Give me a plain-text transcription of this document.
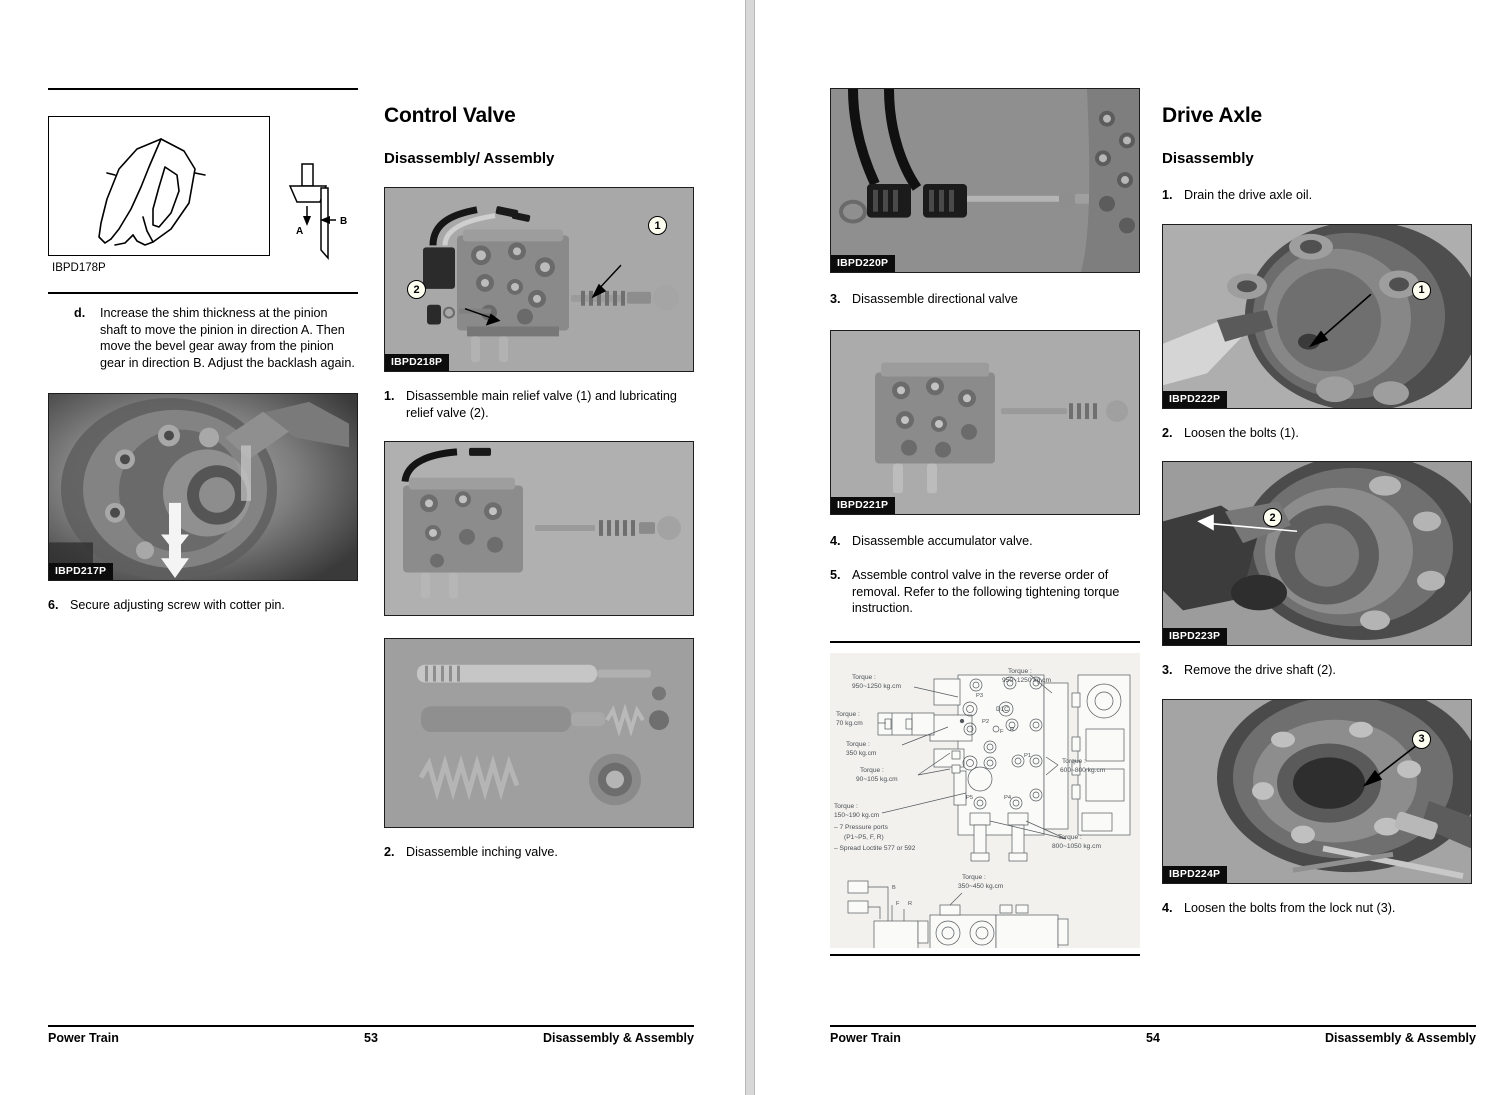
A
B
IBPD178P
d.	Increase the shim thickness at the pinion shaft to move the pinion in direction A. Then move the bevel gear away from the pinion gear in direction B. Adjust the backlash again.
IBPD217P
6. Secure adjusting screw with cotter pin.
Control Valve
Disassembly/ Assembly
1
2
IBPD218P
1. Disassemble main relief valve (1) and lubricating relief valve (2).
2. Disassemble inching valve.
Power Train	53	Disassembly & Assembly
IBPD220P
3. Disassemble directional valve
IBPD221P
4. Disassemble accumulator valve.
5. Assemble control valve in the reverse order of removal. Refer to the following tightening torque instruction.
Torque :
950~1250 kg.cm
Torque :
70 kg.cm
Torque :
350 kg.cm
Torque :
90~105 kg.cm
Torque :
150~190 kg.cm
– 7 Pressure ports
(P1~P5, F, R)
– Spread Loctite 577 or 592
Torque :
950~1250 kg.cm
Torque :
600~800 kg.cm
Torque :
800~1050 kg.cm
D1C
P2
F R
P1
P5	P4
P3
Torque :
350~450 kg.cm
F R
B
Drive Axle
Disassembly
1. Drain the drive axle oil.
1
IBPD222P
2. Loosen the bolts (1).
2
IBPD223P
3. Remove the drive shaft (2).
3
IBPD224P
4. Loosen the bolts from the lock nut (3).
Power Train	54	Disassembly & Assembly
